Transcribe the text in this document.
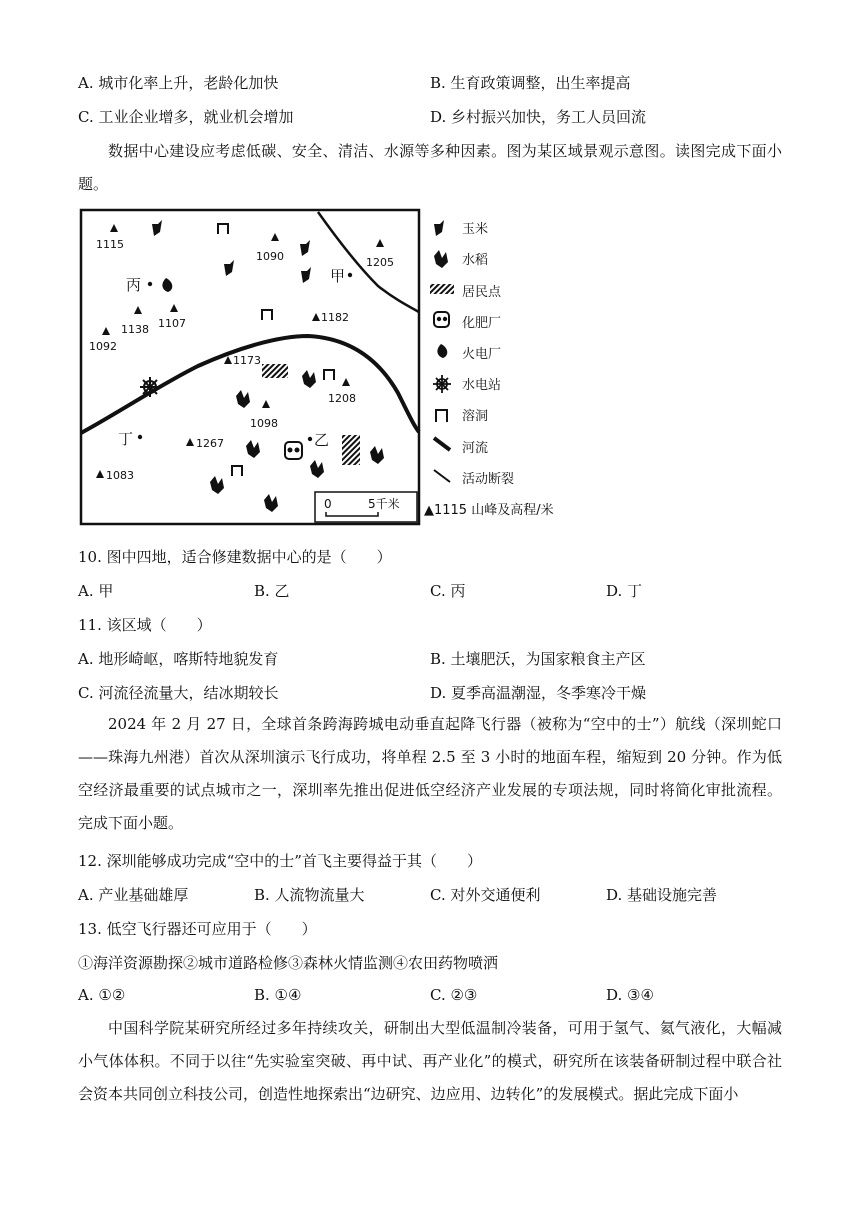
A. 城市化率上升，老龄化加快	B. 生育政策调整，出生率提高
C. 工业企业增多，就业机会增加	D. 乡村振兴加快，务工人员回流

数据中心建设应考虑低碳、安全、清洁、水源等多种因素。图为某区域景观示意图。读图完成下面小题。

1115
1090	1205
1138 1107
1092
1182
1173
1208
1098
1267
1083
丙	甲
乙
丁
0	5千米
玉米
水稻
居民点
化肥厂
火电厂
水电站
溶洞
河流
活动断裂
▲1115 山峰及高程/米
10. 图中四地，适合修建数据中心的是（　　）
A. 甲	B. 乙	C. 丙	D. 丁
11. 该区域（　　）
A. 地形崎岖，喀斯特地貌发育	B. 土壤肥沃，为国家粮食主产区
C. 河流径流量大，结冰期较长	D. 夏季高温潮湿，冬季寒冷干燥

2024 年 2 月 27 日，全球首条跨海跨城电动垂直起降飞行器（被称为“空中的士”）航线（深圳蛇口——珠海九州港）首次从深圳演示飞行成功，将单程 2.5 至 3 小时的地面车程，缩短到 20 分钟。作为低空经济最重要的试点城市之一，深圳率先推出促进低空经济产业发展的专项法规，同时将简化审批流程。完成下面小题。

12. 深圳能够成功完成“空中的士”首飞主要得益于其（　　）
A. 产业基础雄厚	B. 人流物流量大	C. 对外交通便利	D. 基础设施完善
13. 低空飞行器还可应用于（　　）
①海洋资源勘探②城市道路检修③森林火情监测④农田药物喷洒
A. ①②	B. ①④	C. ②③	D. ③④

中国科学院某研究所经过多年持续攻关，研制出大型低温制冷装备，可用于氢气、氦气液化，大幅减小气体体积。不同于以往“先实验室突破、再中试、再产业化”的模式，研究所在该装备研制过程中联合社会资本共同创立科技公司，创造性地探索出“边研究、边应用、边转化”的发展模式。据此完成下面小
